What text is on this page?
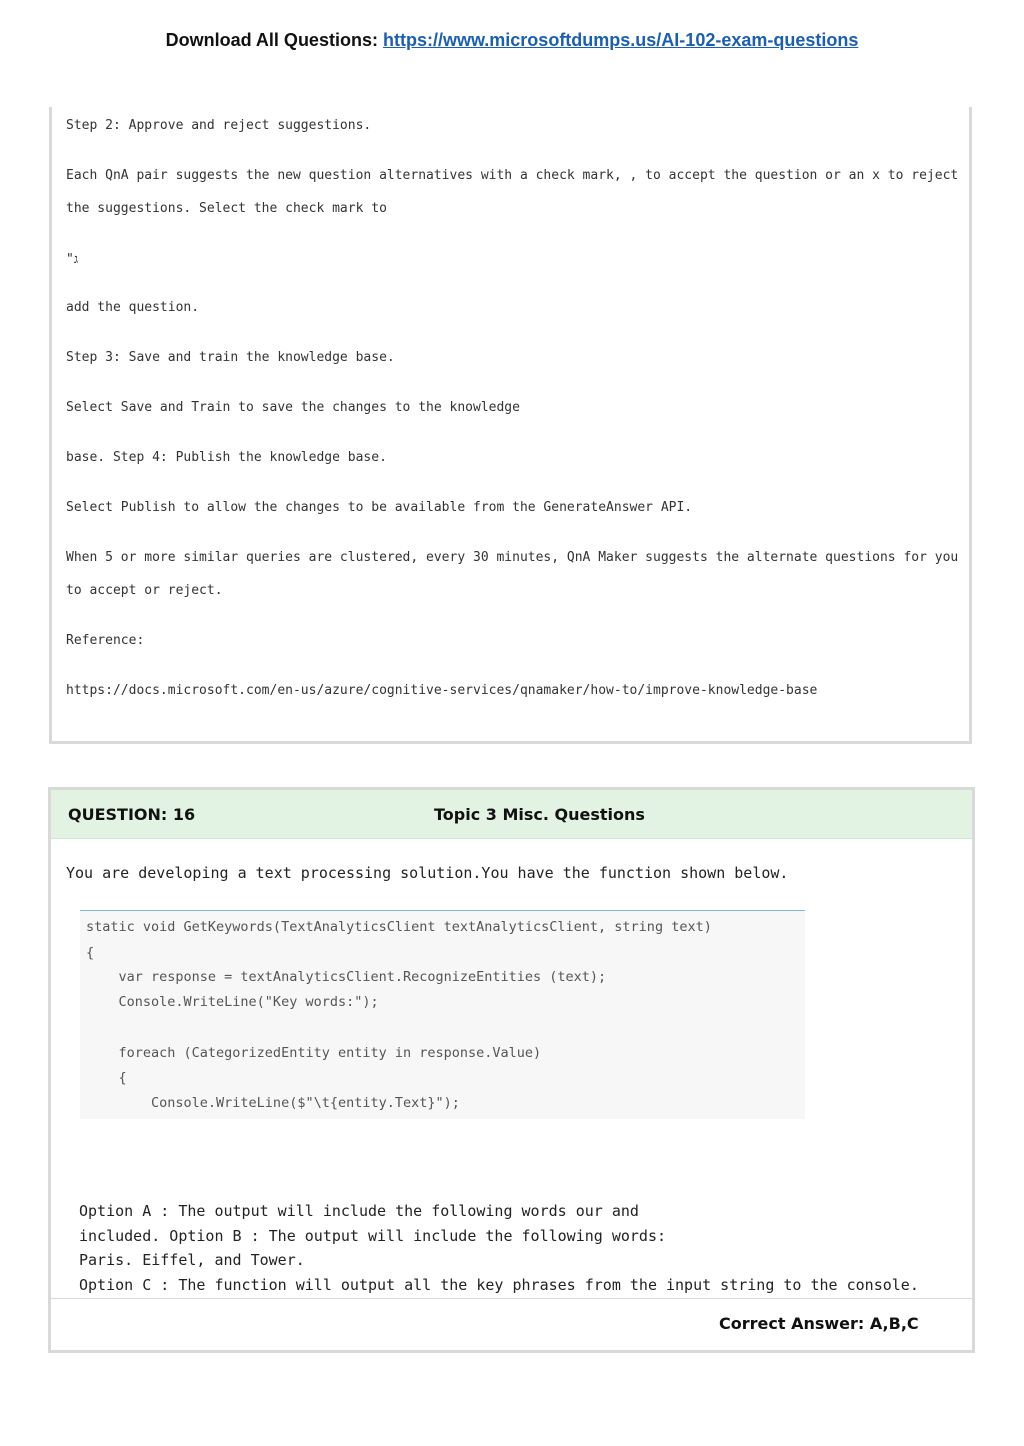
Download All Questions: https://www.microsoftdumps.us/AI-102-exam-questions
Step 2: Approve and reject suggestions.
Each QnA pair suggests the new question alternatives with a check mark, , to accept the question or an x to reject
the suggestions. Select the check mark to
"ג
add the question.
Step 3: Save and train the knowledge base.
Select Save and Train to save the changes to the knowledge
base. Step 4: Publish the knowledge base.
Select Publish to allow the changes to be available from the GenerateAnswer API.
When 5 or more similar queries are clustered, every 30 minutes, QnA Maker suggests the alternate questions for you
to accept or reject.
Reference:
https://docs.microsoft.com/en-us/azure/cognitive-services/qnamaker/how-to/improve-knowledge-base
QUESTION: 16	Topic 3 Misc. Questions
You are developing a text processing solution.You have the function shown below.
static void GetKeywords(TextAnalyticsClient textAnalyticsClient, string text)
{
var response = textAnalyticsClient.RecognizeEntities (text);
Console.WriteLine("Key words:");
foreach (CategorizedEntity entity in response.Value)
{
Console.WriteLine($"\t{entity.Text}");
Option A : The output will include the following words our and
included. Option B : The output will include the following words:
Paris. Eiffel, and Tower.
Option C : The function will output all the key phrases from the input string to the console.
Correct Answer: A,B,C
